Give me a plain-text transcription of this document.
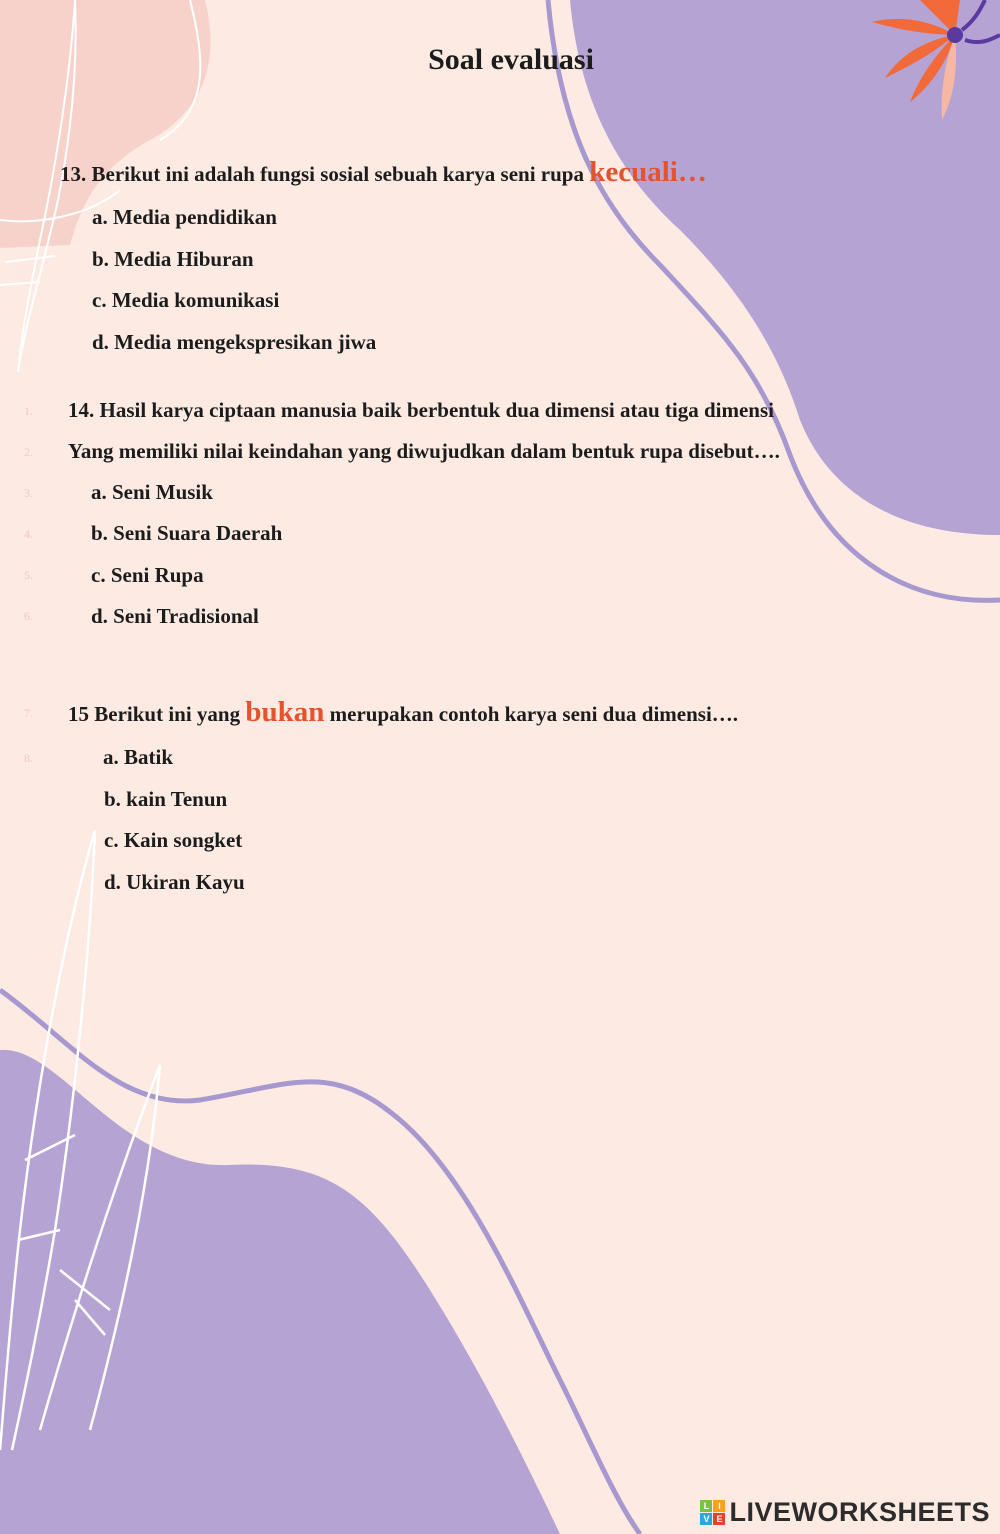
Soal evaluasi
13. Berikut ini adalah fungsi sosial sebuah karya seni rupa kecuali…
a. Media pendidikan
b. Media Hiburan
c. Media komunikasi
d. Media mengekspresikan jiwa
1.
2.
3.
4.
5.
6.
7.
8.
14. Hasil karya ciptaan manusia baik berbentuk dua dimensi atau tiga dimensi
Yang memiliki nilai keindahan yang diwujudkan dalam bentuk rupa disebut….
a. Seni Musik
b. Seni Suara Daerah
c. Seni Rupa
d. Seni Tradisional
15 Berikut ini yang bukan merupakan contoh karya seni dua dimensi….
a. Batik
b. kain Tenun
c. Kain songket
d. Ukiran Kayu
L I
V E LIVEWORKSHEETS
